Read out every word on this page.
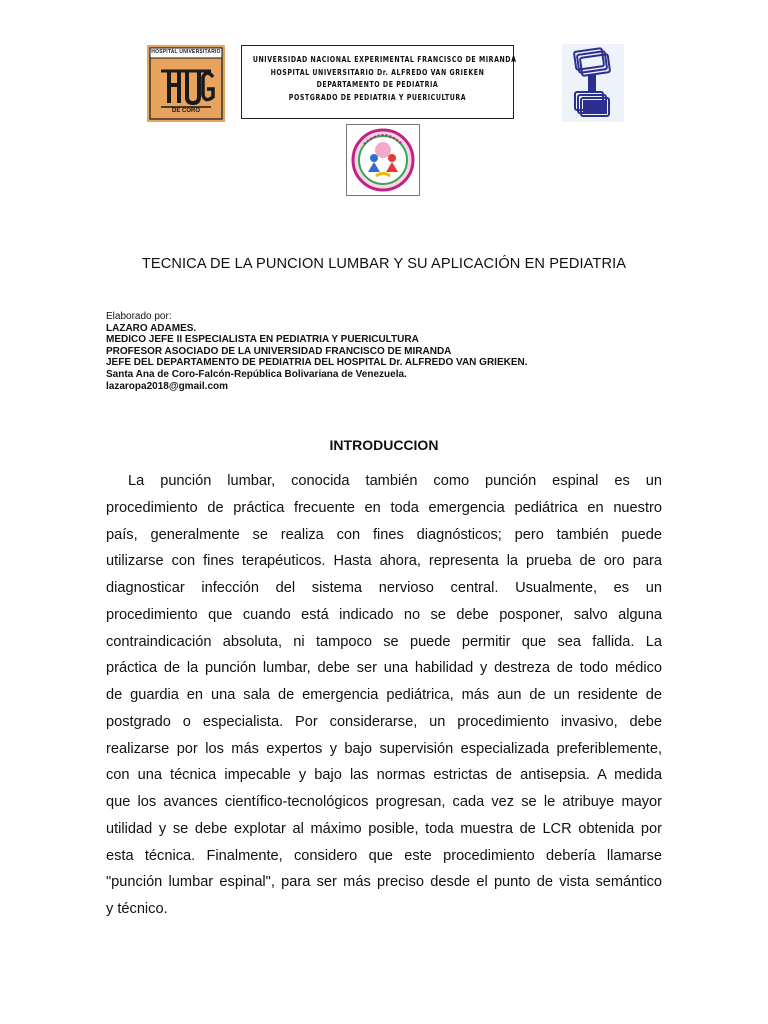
HOSPITAL UNIVERSITARIO
DE CORO
UNIVERSIDAD NACIONAL EXPERIMENTAL FRANCISCO DE MIRANDA
HOSPITAL UNIVERSITARIO Dr. ALFREDO VAN GRIEKEN
DEPARTAMENTO DE PEDIATRIA
POSTGRADO DE PEDIATRIA Y PUERICULTURA
TECNICA DE LA PUNCION LUMBAR Y SU APLICACIÓN EN PEDIATRIA
Elaborado por:
LAZARO ADAMES.
MEDICO JEFE II ESPECIALISTA EN PEDIATRIA Y PUERICULTURA
PROFESOR ASOCIADO DE LA UNIVERSIDAD FRANCISCO DE MIRANDA
JEFE DEL DEPARTAMENTO DE PEDIATRIA DEL HOSPITAL Dr. ALFREDO VAN GRIEKEN.
Santa Ana de Coro-Falcón-República Bolivariana de Venezuela.
lazaropa2018@gmail.com
INTRODUCCION
La punción lumbar, conocida también como punción espinal es un
procedimiento de práctica frecuente en toda emergencia pediátrica en nuestro
país, generalmente se realiza con fines diagnósticos; pero también puede
utilizarse con fines terapéuticos. Hasta ahora, representa la prueba de oro para
diagnosticar infección del sistema nervioso central. Usualmente, es un
procedimiento que cuando está indicado no se debe posponer, salvo alguna
contraindicación absoluta, ni tampoco se puede permitir que sea fallida. La
práctica de la punción lumbar, debe ser una habilidad y destreza de todo médico
de guardia en una sala de emergencia pediátrica, más aun de un residente de
postgrado o especialista. Por considerarse, un procedimiento invasivo, debe
realizarse por los más expertos y bajo supervisión especializada preferiblemente,
con una técnica impecable y bajo las normas estrictas de antisepsia. A medida
que los avances científico-tecnológicos progresan, cada vez se le atribuye mayor
utilidad y se debe explotar al máximo posible, toda muestra de LCR obtenida por
esta técnica. Finalmente, considero que este procedimiento debería llamarse
"punción lumbar espinal", para ser más preciso desde el punto de vista semántico
y técnico.
